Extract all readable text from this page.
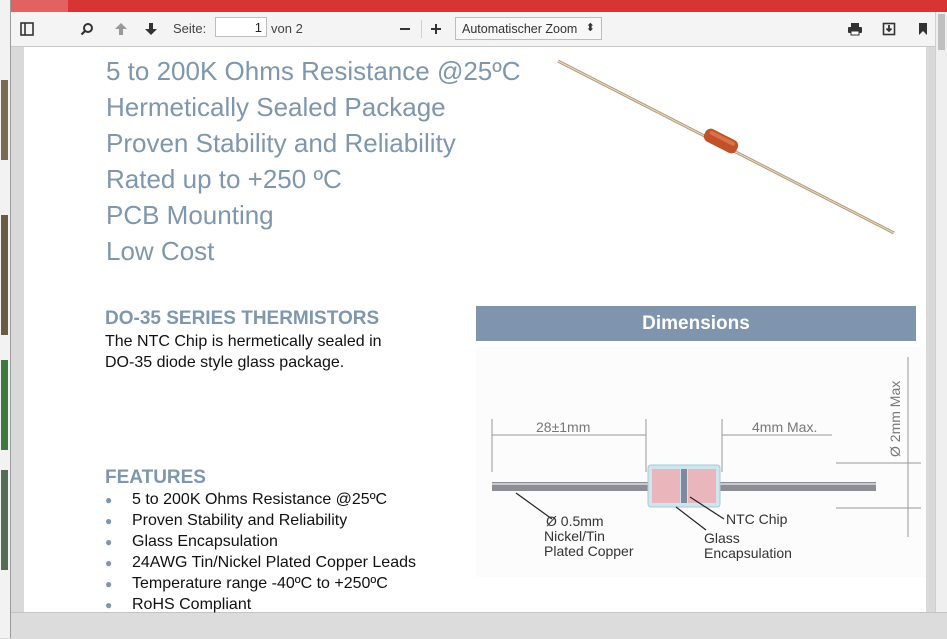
Seite:
1	von 2	Automatischer Zoom ⬍
5 to 200K Ohms Resistance @25ºC
Hermetically Sealed Package
Proven Stability and Reliability
Rated up to +250 ºC
PCB Mounting
Low Cost
DO-35 SERIES THERMISTORS
The NTC Chip is hermetically sealed in
DO-35 diode style glass package.
FEATURES
● 5 to 200K Ohms Resistance @25ºC
● Proven Stability and Reliability
● Glass Encapsulation
● 24AWG Tin/Nickel Plated Copper Leads
● Temperature range -40ºC to +250ºC
● RoHS Compliant
Dimensions
28±1mm	4mm Max.	Ø 2mm Max
Ø 0.5mm
Nickel/Tin
Plated Copper
NTC Chip
Glass
Encapsulation
